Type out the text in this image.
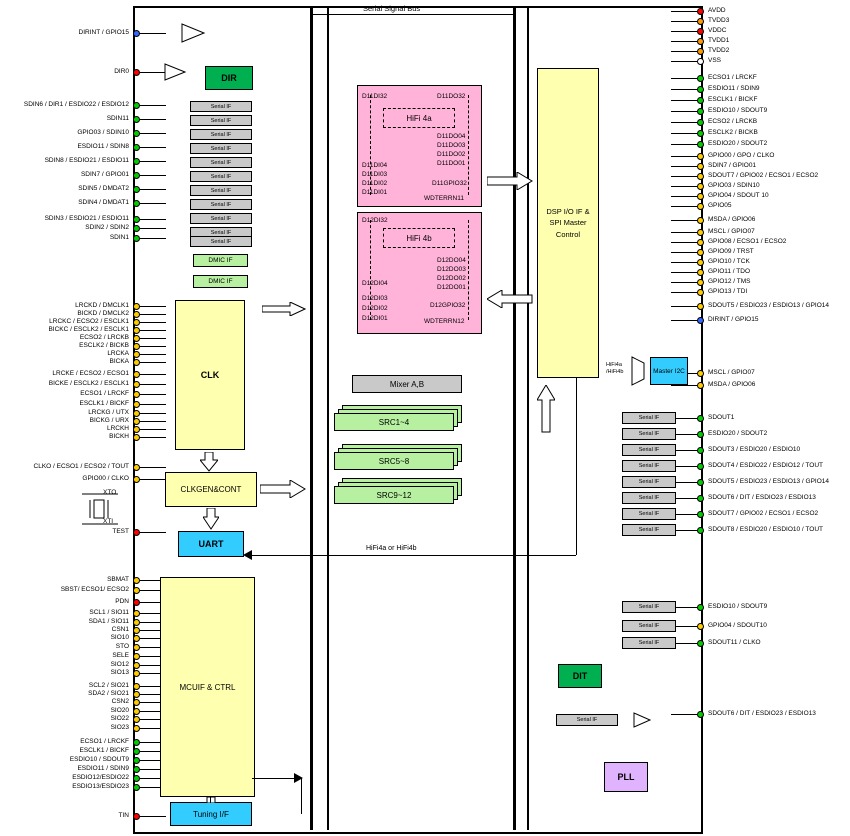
Serial Signal Bus
DIRINT / GPIO15
DIR0
SDIN6 / DIR1 / ESDIO22 / ESDIO12
SDIN11
GPIO03 / SDIN10
ESDIO11 / SDIN8
SDIN8 / ESDIO21 / ESDIO11
SDIN7 / GPIO01
SDIN5 / DMDAT2
SDIN4 / DMDAT1
SDIN3 / ESDIO21 / ESDIO11
SDIN2 / SDIN2
SDIN1
LRCKD / DMCLK1
BICKD / DMCLK2
LRCKC / ECSO2 / ESCLK1
BICKC / ESCLK2 / ESCLK1
ECSO2 / LRCKB
ESCLK2 / BICKB
LRCKA
BICKA
LRCKE / ECSO2 / ECSO1
BICKE / ESCLK2 / ESCLK1
ECSO1 / LRCKF
ESCLK1 / BICKF
LRCKG / UTX
BICKG / URX
LRCKH
BICKH
CLKO / ECSO1 / ECSO2 / TOUT
GPIO00 / CLKO
TEST
SBMAT
SBST/ ECSO1/ ECSO2
PDN
SCL1 / SIO11
SDA1 / SIO11
CSN1
SIO10
STO
SELE
SIO12
SIO13
SCL2 / SIO21
SDA2 / SIO21
CSN2
SIO20
SIO22
SIO23
ECSO1 / LRCKF
ESCLK1 / BICKF
ESDIO10 / SDOUT9
ESDIO11 / SDIN9
ESDIO12/ESDIO22
ESDIO13/ESDIO23
TIN
AVDD
TVDD3
VDDC
TVDD1
TVDD2
VSS
ECSO1 / LRCKF
ESDIO11 / SDIN9
ESCLK1 / BICKF
ESDIO10 / SDOUT9
ECSO2 / LRCKB
ESCLK2 / BICKB
ESDIO20 / SDOUT2
GPIO00 / GPO / CLKO
SDIN7 / GPIO01
SDOUT7 / GPIO02 / ECSO1 / ECSO2
GPIO03 / SDIN10
GPIO04 / SDOUT 10
GPIO05
MSDA / GPIO06
MSCL / GPIO07
GPIO08 / ECSO1 / ECSO2
GPIO09 / TRST
GPIO10 / TCK
GPIO11 / TDO
GPIO12 / TMS
GPIO13 / TDI
SDOUT5 / ESDIO23 / ESDIO13 / GPIO14
DIRINT / GPIO15
MSCL / GPIO07
MSDA / GPIO06
SDOUT1
ESDIO20 / SDOUT2
SDOUT3 / ESDIO20 / ESDIO10
SDOUT4 / ESDIO22 / ESDIO12 / TOUT
SDOUT5 / ESDIO23 / ESDIO13 / GPIO14
SDOUT6 / DIT / ESDIO23 / ESDIO13
SDOUT7 / GPIO02 / ECSO1 / ECSO2
SDOUT8 / ESDIO20 / ESDIO10 / TOUT
ESDIO10 / SDOUT9
GPIO04 / SDOUT10
SDOUT11 / CLKO
SDOUT6 / DIT / ESDIO23 / ESDIO13
DIR
Serial IF
Serial IF
Serial IF
Serial IF
Serial IF
Serial IF
Serial IF
Serial IF
Serial IF
Serial IF
Serial IF
DMIC IF
DMIC IF
CLK
CLKGEN&CONT
UART
MCUIF & CTRL
Tuning I/F
XTO
XTI
HiFi 4a
D11DI32	D11DO32
D11DO04
D11DO03
D11DO02
D11DO01
D11DI04
D11DI03
D11DI02
D11DI01
D11GPIO32
WDTERRN11
HiFi 4b
D12DI32
D12DO04
D12DO03
D12DO02
D12DO01
D12DI04
D12DI03
D12DI02
D12DI01
D12GPIO32
WDTERRN12
Mixer A,B
SRC1~4
SRC5~8
SRC9~12
DSP I/O IF & SPI Master Control
Master I2C
HiFi4a
/HiFi4b
DIT
PLL
Serial IF
Serial IF
Serial IF
Serial IF
Serial IF
Serial IF
Serial IF
Serial IF
Serial IF
Serial IF
Serial IF
Serial IF
HiFi4a or HiFi4b
